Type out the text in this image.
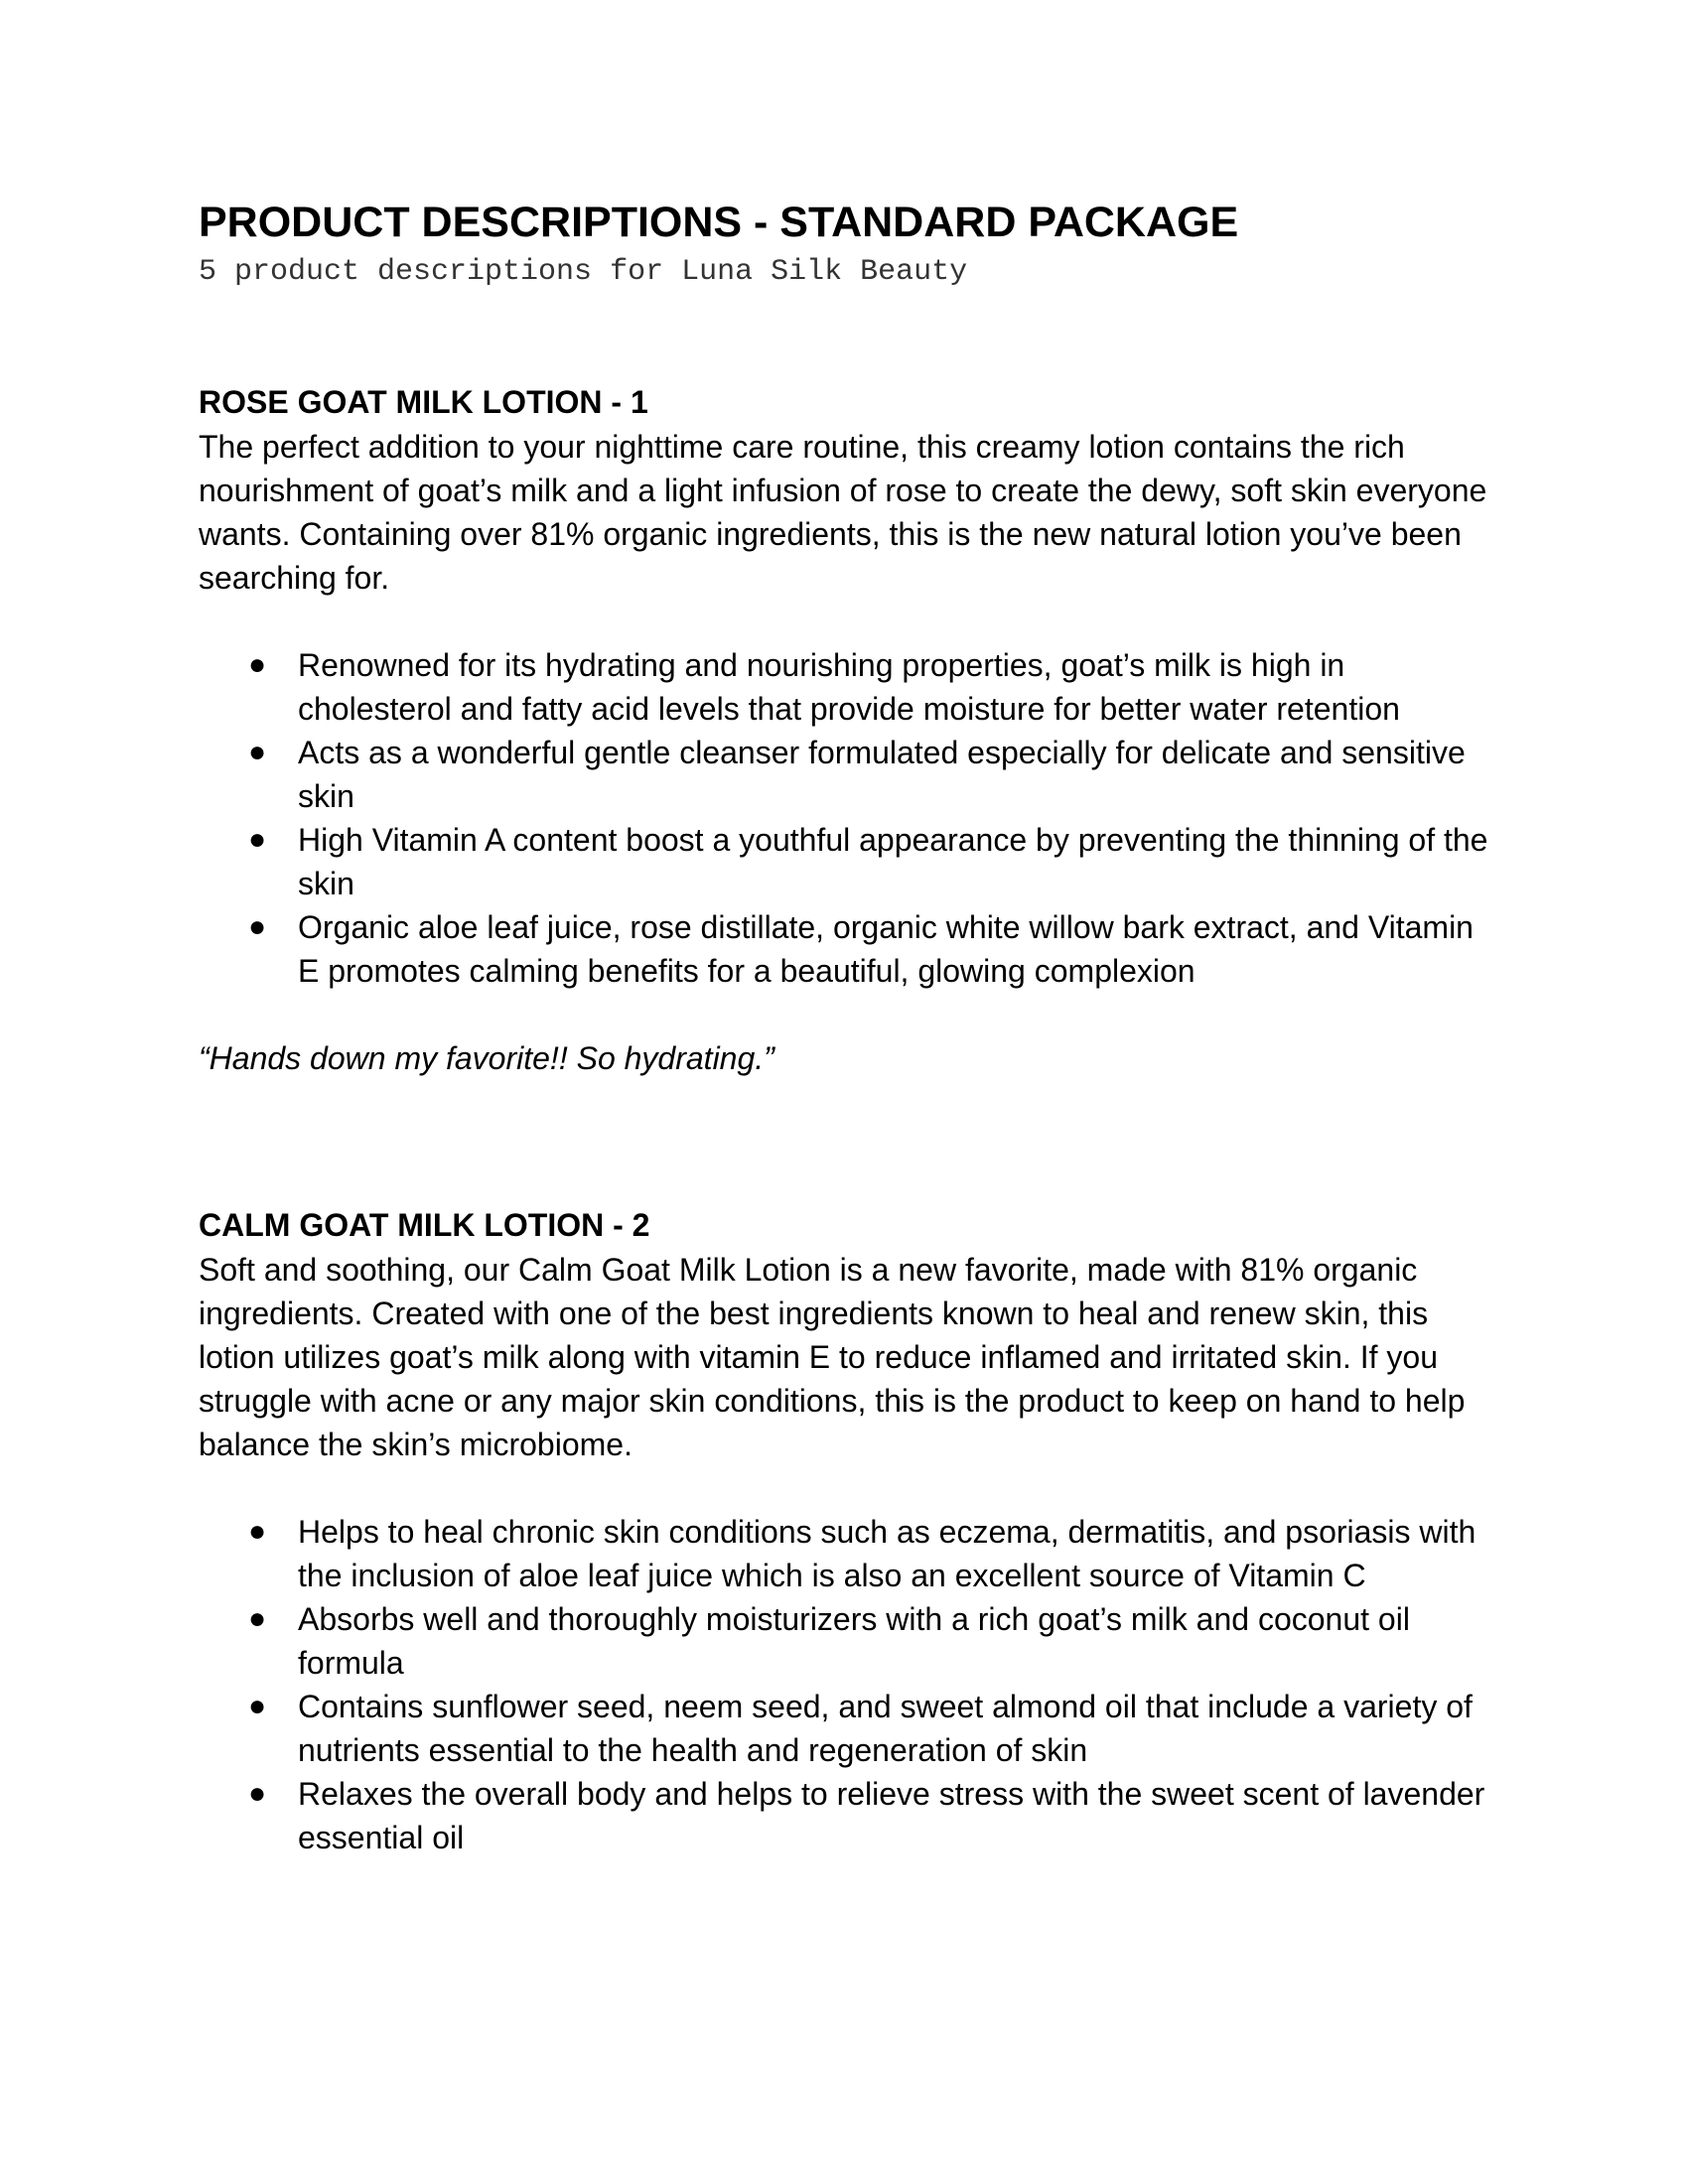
PRODUCT DESCRIPTIONS - STANDARD PACKAGE

5 product descriptions for Luna Silk Beauty

ROSE GOAT MILK LOTION - 1

The perfect addition to your nighttime care routine, this creamy lotion contains the rich nourishment of goat’s milk and a light infusion of rose to create the dewy, soft skin everyone wants. Containing over 81% organic ingredients, this is the new natural lotion you’ve been searching for.

● Renowned for its hydrating and nourishing properties, goat’s milk is high in cholesterol and fatty acid levels that provide moisture for better water retention
● Acts as a wonderful gentle cleanser formulated especially for delicate and sensitive skin
● High Vitamin A content boost a youthful appearance by preventing the thinning of the skin
● Organic aloe leaf juice, rose distillate, organic white willow bark extract, and Vitamin E promotes calming benefits for a beautiful, glowing complexion

“Hands down my favorite!! So hydrating.”

CALM GOAT MILK LOTION - 2

Soft and soothing, our Calm Goat Milk Lotion is a new favorite, made with 81% organic ingredients. Created with one of the best ingredients known to heal and renew skin, this lotion utilizes goat’s milk along with vitamin E to reduce inflamed and irritated skin. If you struggle with acne or any major skin conditions, this is the product to keep on hand to help balance the skin’s microbiome.

● Helps to heal chronic skin conditions such as eczema, dermatitis, and psoriasis with the inclusion of aloe leaf juice which is also an excellent source of Vitamin C
● Absorbs well and thoroughly moisturizers with a rich goat’s milk and coconut oil formula
● Contains sunflower seed, neem seed, and sweet almond oil that include a variety of nutrients essential to the health and regeneration of skin
● Relaxes the overall body and helps to relieve stress with the sweet scent of lavender essential oil
